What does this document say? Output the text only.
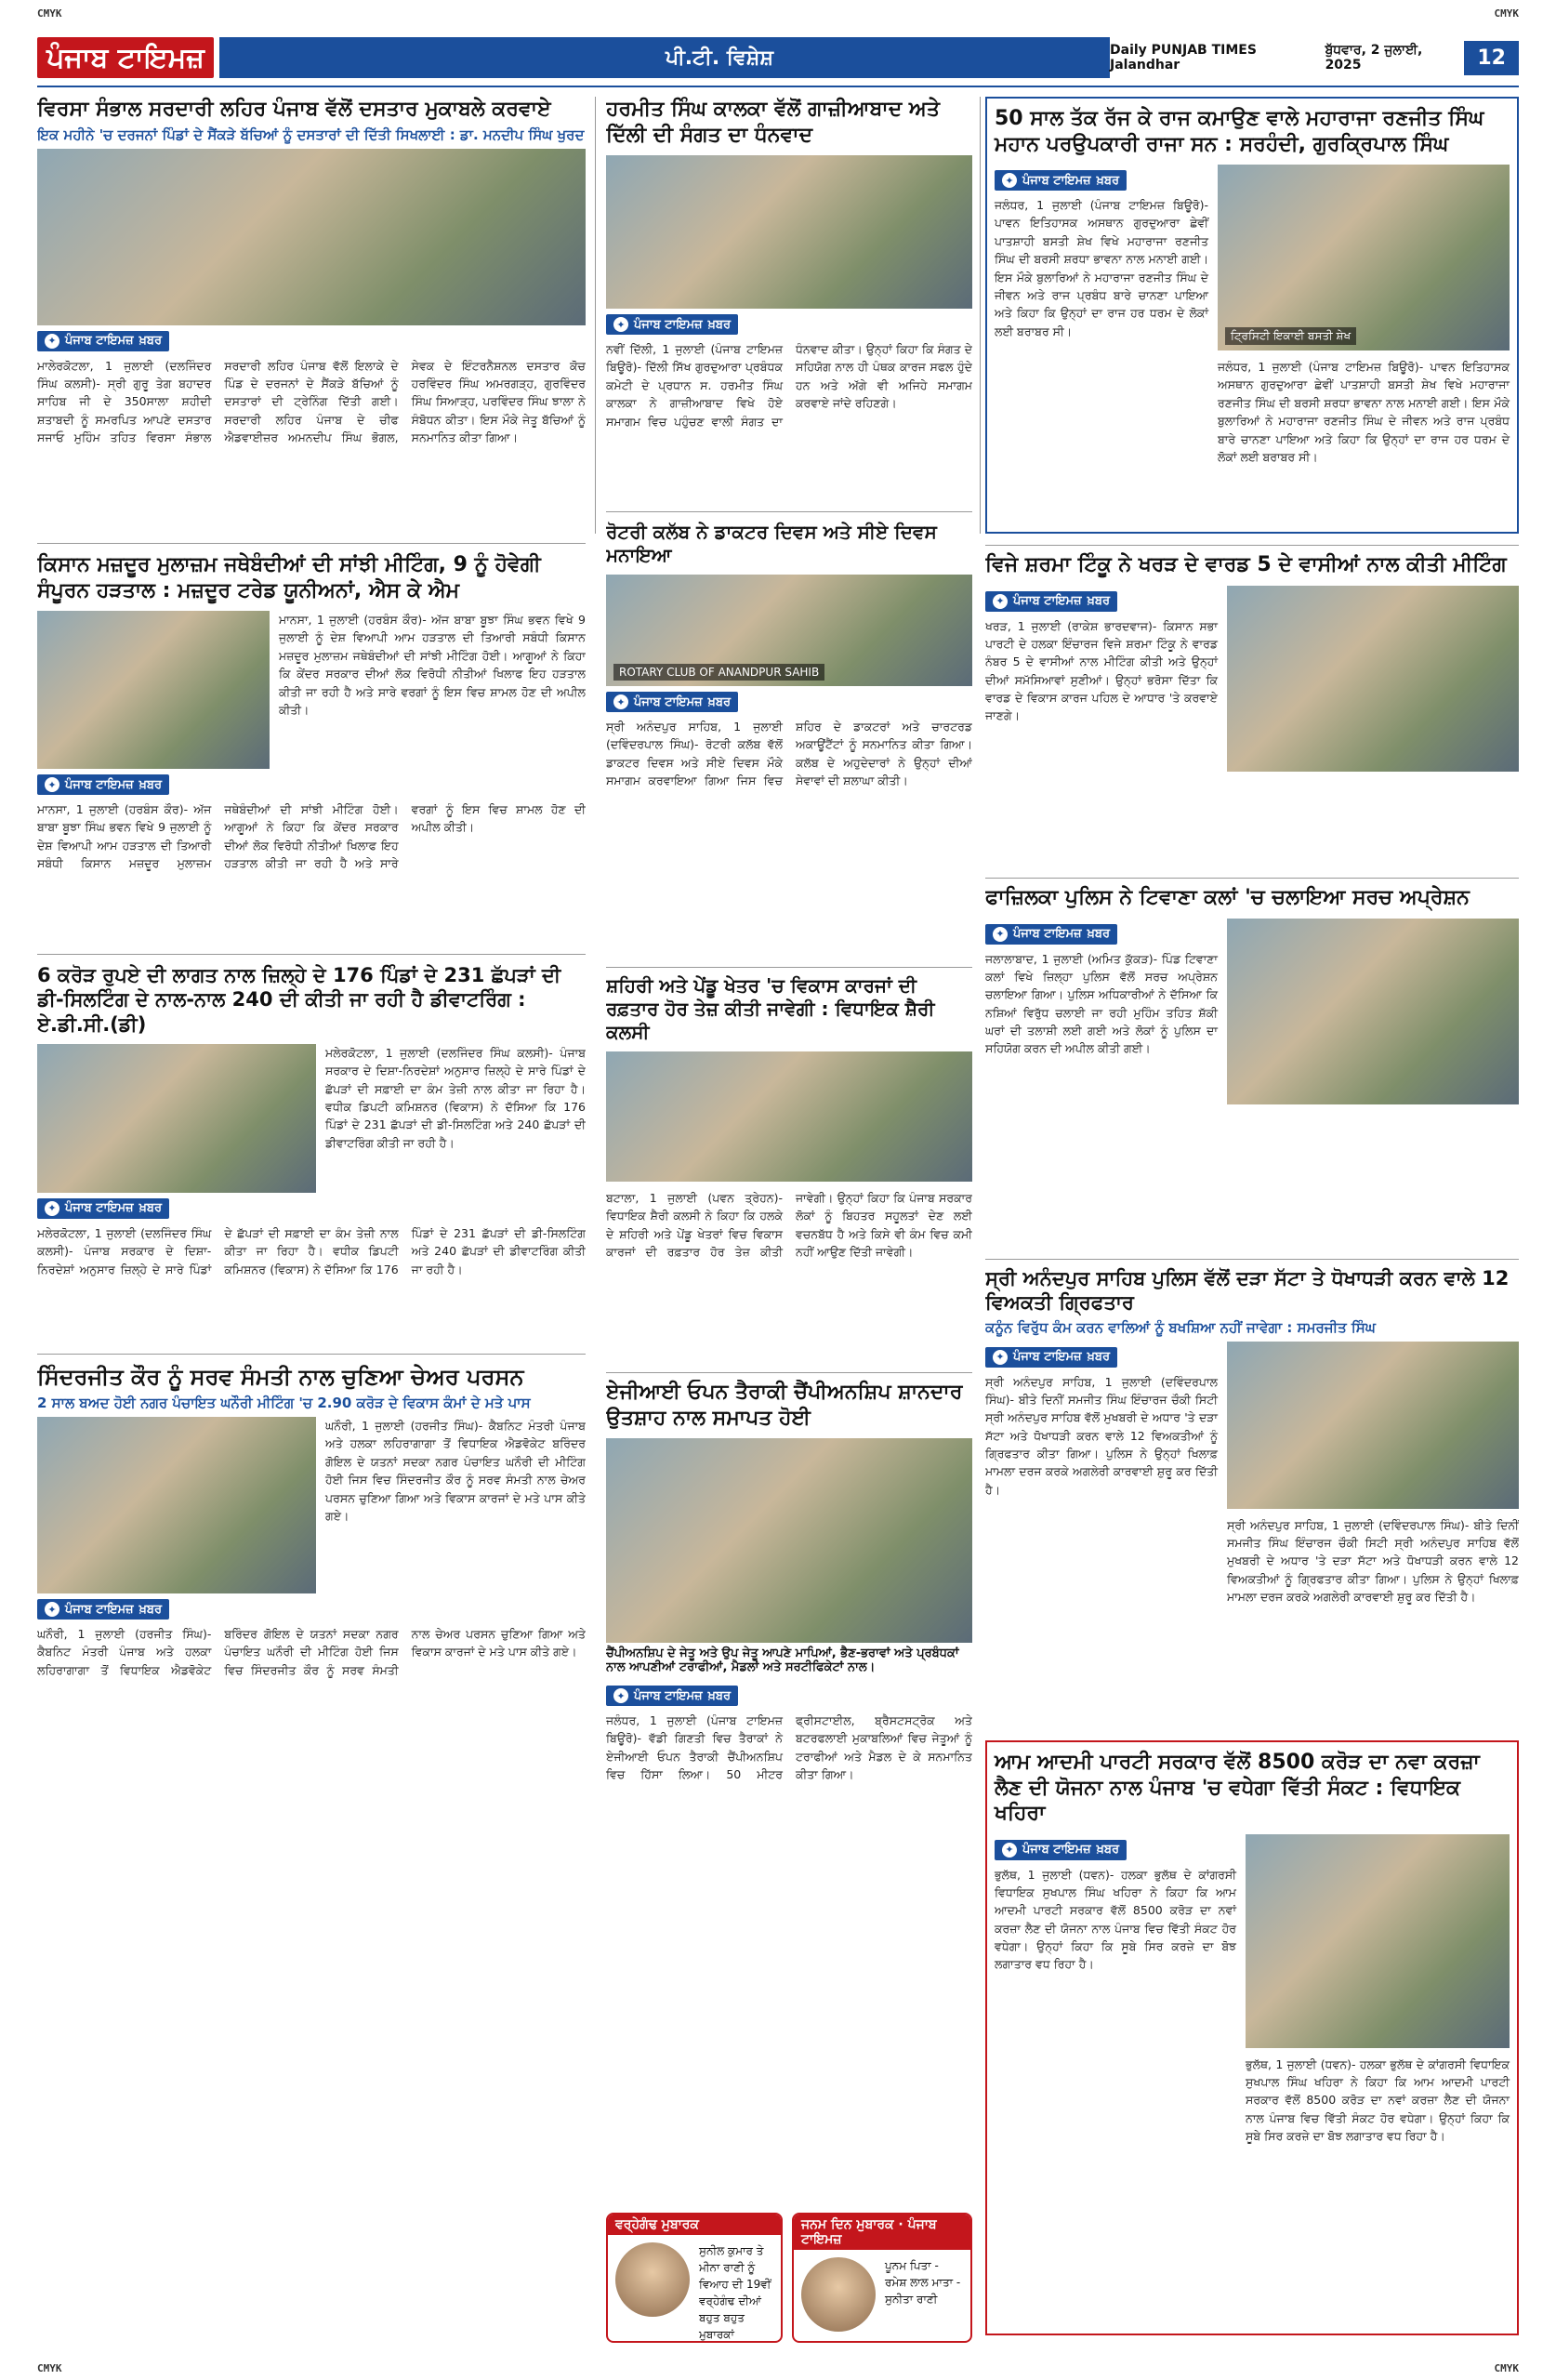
CMYK	CMYK
ਪੰਜਾਬ ਟਾਇਮਜ਼	ਪੀ.ਟੀ. ਵਿਸ਼ੇਸ਼	Daily PUNJAB TIMES Jalandhar
ਬੁੱਧਵਾਰ, 2 ਜੁਲਾਈ, 2025	12
ਵਿਰਸਾ ਸੰਭਾਲ ਸਰਦਾਰੀ ਲਹਿਰ ਪੰਜਾਬ ਵੱਲੋਂ ਦਸਤਾਰ ਮੁਕਾਬਲੇ ਕਰਵਾਏ
ਇਕ ਮਹੀਨੇ 'ਚ ਦਰਜਨਾਂ ਪਿੰਡਾਂ ਦੇ ਸੈਂਕੜੇ ਬੱਚਿਆਂ ਨੂੰ ਦਸਤਾਰਾਂ ਦੀ ਦਿੱਤੀ ਸਿਖਲਾਈ : ਡਾ. ਮਨਦੀਪ ਸਿੰਘ ਖੁਰਦ
✦ ਪੰਜਾਬ ਟਾਇਮਜ਼ ਖ਼ਬਰ
ਮਾਲੇਰਕੋਟਲਾ, 1 ਜੁਲਾਈ (ਦਲਜਿੰਦਰ ਸਿੰਘ ਕਲਸੀ)- ਸ੍ਰੀ ਗੁਰੂ ਤੇਗ ਬਹਾਦਰ ਸਾਹਿਬ ਜੀ ਦੇ 350ਸਾਲਾ ਸ਼ਹੀਦੀ ਸ਼ਤਾਬਦੀ ਨੂੰ ਸਮਰਪਿਤ ਆਪਣੇ ਦਸਤਾਰ ਸਜਾਓ ਮੁਹਿੰਮ ਤਹਿਤ ਵਿਰਸਾ ਸੰਭਾਲ ਸਰਦਾਰੀ ਲਹਿਰ ਪੰਜਾਬ ਵੱਲੋਂ ਇਲਾਕੇ ਦੇ ਪਿੰਡ ਦੇ ਦਰਜਨਾਂ ਦੇ ਸੈਂਕੜੇ ਬੱਚਿਆਂ ਨੂੰ ਦਸਤਾਰਾਂ ਦੀ ਟ੍ਰੇਨਿੰਗ ਦਿੱਤੀ ਗਈ। ਸਰਦਾਰੀ ਲਹਿਰ ਪੰਜਾਬ ਦੇ ਚੀਫ ਐਡਵਾਈਜ਼ਰ ਅਮਨਦੀਪ ਸਿੰਘ ਭੋਗਲ, ਸੇਵਕ ਦੇ ਇੰਟਰਨੈਸ਼ਨਲ ਦਸਤਾਰ ਕੋਚ ਹਰਵਿੰਦਰ ਸਿੰਘ ਅਮਰਗੜ੍ਹ, ਗੁਰਵਿੰਦਰ ਸਿੰਘ ਸਿਆੜ੍ਹ, ਪਰਵਿੰਦਰ ਸਿੰਘ ਝਾਲਾ ਨੇ ਸੰਬੋਧਨ ਕੀਤਾ। ਇਸ ਮੌਕੇ ਜੇਤੂ ਬੱਚਿਆਂ ਨੂੰ ਸਨਮਾਨਿਤ ਕੀਤਾ ਗਿਆ।
ਹਰਮੀਤ ਸਿੰਘ ਕਾਲਕਾ ਵੱਲੋਂ ਗਾਜ਼ੀਆਬਾਦ ਅਤੇ ਦਿੱਲੀ ਦੀ ਸੰਗਤ ਦਾ ਧੰਨਵਾਦ
✦ ਪੰਜਾਬ ਟਾਇਮਜ਼ ਖ਼ਬਰ
ਨਵੀਂ ਦਿੱਲੀ, 1 ਜੁਲਾਈ (ਪੰਜਾਬ ਟਾਇਮਜ਼ ਬਿਊਰੋ)- ਦਿੱਲੀ ਸਿੱਖ ਗੁਰਦੁਆਰਾ ਪ੍ਰਬੰਧਕ ਕਮੇਟੀ ਦੇ ਪ੍ਰਧਾਨ ਸ. ਹਰਮੀਤ ਸਿੰਘ ਕਾਲਕਾ ਨੇ ਗਾਜ਼ੀਆਬਾਦ ਵਿਖੇ ਹੋਏ ਸਮਾਗਮ ਵਿਚ ਪਹੁੰਚਣ ਵਾਲੀ ਸੰਗਤ ਦਾ ਧੰਨਵਾਦ ਕੀਤਾ। ਉਨ੍ਹਾਂ ਕਿਹਾ ਕਿ ਸੰਗਤ ਦੇ ਸਹਿਯੋਗ ਨਾਲ ਹੀ ਪੰਥਕ ਕਾਰਜ ਸਫਲ ਹੁੰਦੇ ਹਨ ਅਤੇ ਅੱਗੇ ਵੀ ਅਜਿਹੇ ਸਮਾਗਮ ਕਰਵਾਏ ਜਾਂਦੇ ਰਹਿਣਗੇ।
50 ਸਾਲ ਤੱਕ ਰੱਜ ਕੇ ਰਾਜ ਕਮਾਉਣ ਵਾਲੇ ਮਹਾਰਾਜਾ ਰਣਜੀਤ ਸਿੰਘ ਮਹਾਨ ਪਰਉਪਕਾਰੀ ਰਾਜਾ ਸਨ : ਸਰਹੰਦੀ, ਗੁਰਕ੍ਰਿਪਾਲ ਸਿੰਘ
✦ ਪੰਜਾਬ ਟਾਇਮਜ਼ ਖ਼ਬਰ
ਜਲੰਧਰ, 1 ਜੁਲਾਈ (ਪੰਜਾਬ ਟਾਇਮਜ਼ ਬਿਊਰੋ)- ਪਾਵਨ ਇਤਿਹਾਸਕ ਅਸਥਾਨ ਗੁਰਦੁਆਰਾ ਛੇਵੀਂ ਪਾਤਸ਼ਾਹੀ ਬਸਤੀ ਸ਼ੇਖ ਵਿਖੇ ਮਹਾਰਾਜਾ ਰਣਜੀਤ ਸਿੰਘ ਦੀ ਬਰਸੀ ਸ਼ਰਧਾ ਭਾਵਨਾ ਨਾਲ ਮਨਾਈ ਗਈ। ਇਸ ਮੌਕੇ ਬੁਲਾਰਿਆਂ ਨੇ ਮਹਾਰਾਜਾ ਰਣਜੀਤ ਸਿੰਘ ਦੇ ਜੀਵਨ ਅਤੇ ਰਾਜ ਪ੍ਰਬੰਧ ਬਾਰੇ ਚਾਨਣਾ ਪਾਇਆ ਅਤੇ ਕਿਹਾ ਕਿ ਉਨ੍ਹਾਂ ਦਾ ਰਾਜ ਹਰ ਧਰਮ ਦੇ ਲੋਕਾਂ ਲਈ ਬਰਾਬਰ ਸੀ।	ਟ੍ਰਿਸਿਟੀ ਇਕਾਈ ਬਸਤੀ ਸ਼ੇਖ
ਜਲੰਧਰ, 1 ਜੁਲਾਈ (ਪੰਜਾਬ ਟਾਇਮਜ਼ ਬਿਊਰੋ)- ਪਾਵਨ ਇਤਿਹਾਸਕ ਅਸਥਾਨ ਗੁਰਦੁਆਰਾ ਛੇਵੀਂ ਪਾਤਸ਼ਾਹੀ ਬਸਤੀ ਸ਼ੇਖ ਵਿਖੇ ਮਹਾਰਾਜਾ ਰਣਜੀਤ ਸਿੰਘ ਦੀ ਬਰਸੀ ਸ਼ਰਧਾ ਭਾਵਨਾ ਨਾਲ ਮਨਾਈ ਗਈ। ਇਸ ਮੌਕੇ ਬੁਲਾਰਿਆਂ ਨੇ ਮਹਾਰਾਜਾ ਰਣਜੀਤ ਸਿੰਘ ਦੇ ਜੀਵਨ ਅਤੇ ਰਾਜ ਪ੍ਰਬੰਧ ਬਾਰੇ ਚਾਨਣਾ ਪਾਇਆ ਅਤੇ ਕਿਹਾ ਕਿ ਉਨ੍ਹਾਂ ਦਾ ਰਾਜ ਹਰ ਧਰਮ ਦੇ ਲੋਕਾਂ ਲਈ ਬਰਾਬਰ ਸੀ।
ਰੋਟਰੀ ਕਲੱਬ ਨੇ ਡਾਕਟਰ ਦਿਵਸ ਅਤੇ ਸੀਏ ਦਿਵਸ ਮਨਾਇਆ
ROTARY CLUB OF ANANDPUR SAHIB
✦ ਪੰਜਾਬ ਟਾਇਮਜ਼ ਖ਼ਬਰ
ਸ੍ਰੀ ਅਨੰਦਪੁਰ ਸਾਹਿਬ, 1 ਜੁਲਾਈ (ਦਵਿੰਦਰਪਾਲ ਸਿੰਘ)- ਰੋਟਰੀ ਕਲੱਬ ਵੱਲੋਂ ਡਾਕਟਰ ਦਿਵਸ ਅਤੇ ਸੀਏ ਦਿਵਸ ਮੌਕੇ ਸਮਾਗਮ ਕਰਵਾਇਆ ਗਿਆ ਜਿਸ ਵਿਚ ਸ਼ਹਿਰ ਦੇ ਡਾਕਟਰਾਂ ਅਤੇ ਚਾਰਟਰਡ ਅਕਾਊਂਟੈਂਟਾਂ ਨੂੰ ਸਨਮਾਨਿਤ ਕੀਤਾ ਗਿਆ। ਕਲੱਬ ਦੇ ਅਹੁਦੇਦਾਰਾਂ ਨੇ ਉਨ੍ਹਾਂ ਦੀਆਂ ਸੇਵਾਵਾਂ ਦੀ ਸ਼ਲਾਘਾ ਕੀਤੀ।
ਵਿਜੇ ਸ਼ਰਮਾ ਟਿੰਕੂ ਨੇ ਖਰੜ ਦੇ ਵਾਰਡ 5 ਦੇ ਵਾਸੀਆਂ ਨਾਲ ਕੀਤੀ ਮੀਟਿੰਗ
✦ ਪੰਜਾਬ ਟਾਇਮਜ਼ ਖ਼ਬਰ
ਖਰੜ, 1 ਜੁਲਾਈ (ਰਾਕੇਸ਼ ਭਾਰਦਵਾਜ)- ਕਿਸਾਨ ਸਭਾ ਪਾਰਟੀ ਦੇ ਹਲਕਾ ਇੰਚਾਰਜ ਵਿਜੇ ਸ਼ਰਮਾ ਟਿੰਕੂ ਨੇ ਵਾਰਡ ਨੰਬਰ 5 ਦੇ ਵਾਸੀਆਂ ਨਾਲ ਮੀਟਿੰਗ ਕੀਤੀ ਅਤੇ ਉਨ੍ਹਾਂ ਦੀਆਂ ਸਮੱਸਿਆਵਾਂ ਸੁਣੀਆਂ। ਉਨ੍ਹਾਂ ਭਰੋਸਾ ਦਿੱਤਾ ਕਿ ਵਾਰਡ ਦੇ ਵਿਕਾਸ ਕਾਰਜ ਪਹਿਲ ਦੇ ਆਧਾਰ 'ਤੇ ਕਰਵਾਏ ਜਾਣਗੇ।
ਕਿਸਾਨ ਮਜ਼ਦੂਰ ਮੁਲਾਜ਼ਮ ਜਥੇਬੰਦੀਆਂ ਦੀ ਸਾਂਝੀ ਮੀਟਿੰਗ, 9 ਨੂੰ ਹੋਵੇਗੀ ਸੰਪੂਰਨ ਹੜਤਾਲ : ਮਜ਼ਦੂਰ ਟਰੇਡ ਯੂਨੀਅਨਾਂ, ਐਸ ਕੇ ਐਮ
ਮਾਨਸਾ, 1 ਜੁਲਾਈ (ਹਰਬੰਸ ਕੌਰ)- ਅੱਜ ਬਾਬਾ ਬੂਝਾ ਸਿੰਘ ਭਵਨ ਵਿਖੇ 9 ਜੁਲਾਈ ਨੂੰ ਦੇਸ਼ ਵਿਆਪੀ ਆਮ ਹੜਤਾਲ ਦੀ ਤਿਆਰੀ ਸਬੰਧੀ ਕਿਸਾਨ ਮਜ਼ਦੂਰ ਮੁਲਾਜ਼ਮ ਜਥੇਬੰਦੀਆਂ ਦੀ ਸਾਂਝੀ ਮੀਟਿੰਗ ਹੋਈ। ਆਗੂਆਂ ਨੇ ਕਿਹਾ ਕਿ ਕੇਂਦਰ ਸਰਕਾਰ ਦੀਆਂ ਲੋਕ ਵਿਰੋਧੀ ਨੀਤੀਆਂ ਖਿਲਾਫ ਇਹ ਹੜਤਾਲ ਕੀਤੀ ਜਾ ਰਹੀ ਹੈ ਅਤੇ ਸਾਰੇ ਵਰਗਾਂ ਨੂੰ ਇਸ ਵਿਚ ਸ਼ਾਮਲ ਹੋਣ ਦੀ ਅਪੀਲ ਕੀਤੀ।
✦ ਪੰਜਾਬ ਟਾਇਮਜ਼ ਖ਼ਬਰ
ਮਾਨਸਾ, 1 ਜੁਲਾਈ (ਹਰਬੰਸ ਕੌਰ)- ਅੱਜ ਬਾਬਾ ਬੂਝਾ ਸਿੰਘ ਭਵਨ ਵਿਖੇ 9 ਜੁਲਾਈ ਨੂੰ ਦੇਸ਼ ਵਿਆਪੀ ਆਮ ਹੜਤਾਲ ਦੀ ਤਿਆਰੀ ਸਬੰਧੀ ਕਿਸਾਨ ਮਜ਼ਦੂਰ ਮੁਲਾਜ਼ਮ ਜਥੇਬੰਦੀਆਂ ਦੀ ਸਾਂਝੀ ਮੀਟਿੰਗ ਹੋਈ। ਆਗੂਆਂ ਨੇ ਕਿਹਾ ਕਿ ਕੇਂਦਰ ਸਰਕਾਰ ਦੀਆਂ ਲੋਕ ਵਿਰੋਧੀ ਨੀਤੀਆਂ ਖਿਲਾਫ ਇਹ ਹੜਤਾਲ ਕੀਤੀ ਜਾ ਰਹੀ ਹੈ ਅਤੇ ਸਾਰੇ ਵਰਗਾਂ ਨੂੰ ਇਸ ਵਿਚ ਸ਼ਾਮਲ ਹੋਣ ਦੀ ਅਪੀਲ ਕੀਤੀ।
ਸ਼ਹਿਰੀ ਅਤੇ ਪੇਂਡੂ ਖੇਤਰ 'ਚ ਵਿਕਾਸ ਕਾਰਜਾਂ ਦੀ ਰਫ਼ਤਾਰ ਹੋਰ ਤੇਜ਼ ਕੀਤੀ ਜਾਵੇਗੀ : ਵਿਧਾਇਕ ਸ਼ੈਰੀ ਕਲਸੀ
ਬਟਾਲਾ, 1 ਜੁਲਾਈ (ਪਵਨ ਤ੍ਰੇਹਨ)- ਵਿਧਾਇਕ ਸ਼ੈਰੀ ਕਲਸੀ ਨੇ ਕਿਹਾ ਕਿ ਹਲਕੇ ਦੇ ਸ਼ਹਿਰੀ ਅਤੇ ਪੇਂਡੂ ਖੇਤਰਾਂ ਵਿਚ ਵਿਕਾਸ ਕਾਰਜਾਂ ਦੀ ਰਫ਼ਤਾਰ ਹੋਰ ਤੇਜ਼ ਕੀਤੀ ਜਾਵੇਗੀ। ਉਨ੍ਹਾਂ ਕਿਹਾ ਕਿ ਪੰਜਾਬ ਸਰਕਾਰ ਲੋਕਾਂ ਨੂੰ ਬਿਹਤਰ ਸਹੂਲਤਾਂ ਦੇਣ ਲਈ ਵਚਨਬੱਧ ਹੈ ਅਤੇ ਕਿਸੇ ਵੀ ਕੰਮ ਵਿਚ ਕਮੀ ਨਹੀਂ ਆਉਣ ਦਿੱਤੀ ਜਾਵੇਗੀ।
ਫਾਜ਼ਿਲਕਾ ਪੁਲਿਸ ਨੇ ਟਿਵਾਣਾ ਕਲਾਂ 'ਚ ਚਲਾਇਆ ਸਰਚ ਅਪ੍ਰੇਸ਼ਨ
✦ ਪੰਜਾਬ ਟਾਇਮਜ਼ ਖ਼ਬਰ
ਜਲਾਲਾਬਾਦ, 1 ਜੁਲਾਈ (ਅਮਿਤ ਕੁੱਕੜ)- ਪਿੰਡ ਟਿਵਾਣਾ ਕਲਾਂ ਵਿਖੇ ਜ਼ਿਲ੍ਹਾ ਪੁਲਿਸ ਵੱਲੋਂ ਸਰਚ ਅਪ੍ਰੇਸ਼ਨ ਚਲਾਇਆ ਗਿਆ। ਪੁਲਿਸ ਅਧਿਕਾਰੀਆਂ ਨੇ ਦੱਸਿਆ ਕਿ ਨਸ਼ਿਆਂ ਵਿਰੁੱਧ ਚਲਾਈ ਜਾ ਰਹੀ ਮੁਹਿੰਮ ਤਹਿਤ ਸ਼ੱਕੀ ਘਰਾਂ ਦੀ ਤਲਾਸ਼ੀ ਲਈ ਗਈ ਅਤੇ ਲੋਕਾਂ ਨੂੰ ਪੁਲਿਸ ਦਾ ਸਹਿਯੋਗ ਕਰਨ ਦੀ ਅਪੀਲ ਕੀਤੀ ਗਈ।
6 ਕਰੋੜ ਰੁਪਏ ਦੀ ਲਾਗਤ ਨਾਲ ਜ਼ਿਲ੍ਹੇ ਦੇ 176 ਪਿੰਡਾਂ ਦੇ 231 ਛੱਪੜਾਂ ਦੀ ਡੀ-ਸਿਲਟਿੰਗ ਦੇ ਨਾਲ-ਨਾਲ 240 ਦੀ ਕੀਤੀ ਜਾ ਰਹੀ ਹੈ ਡੀਵਾਟਰਿੰਗ : ਏ.ਡੀ.ਸੀ.(ਡੀ)
ਮਲੇਰਕੋਟਲਾ, 1 ਜੁਲਾਈ (ਦਲਜਿੰਦਰ ਸਿੰਘ ਕਲਸੀ)- ਪੰਜਾਬ ਸਰਕਾਰ ਦੇ ਦਿਸ਼ਾ-ਨਿਰਦੇਸ਼ਾਂ ਅਨੁਸਾਰ ਜ਼ਿਲ੍ਹੇ ਦੇ ਸਾਰੇ ਪਿੰਡਾਂ ਦੇ ਛੱਪੜਾਂ ਦੀ ਸਫ਼ਾਈ ਦਾ ਕੰਮ ਤੇਜ਼ੀ ਨਾਲ ਕੀਤਾ ਜਾ ਰਿਹਾ ਹੈ। ਵਧੀਕ ਡਿਪਟੀ ਕਮਿਸ਼ਨਰ (ਵਿਕਾਸ) ਨੇ ਦੱਸਿਆ ਕਿ 176 ਪਿੰਡਾਂ ਦੇ 231 ਛੱਪੜਾਂ ਦੀ ਡੀ-ਸਿਲਟਿੰਗ ਅਤੇ 240 ਛੱਪੜਾਂ ਦੀ ਡੀਵਾਟਰਿੰਗ ਕੀਤੀ ਜਾ ਰਹੀ ਹੈ।
✦ ਪੰਜਾਬ ਟਾਇਮਜ਼ ਖ਼ਬਰ
ਮਲੇਰਕੋਟਲਾ, 1 ਜੁਲਾਈ (ਦਲਜਿੰਦਰ ਸਿੰਘ ਕਲਸੀ)- ਪੰਜਾਬ ਸਰਕਾਰ ਦੇ ਦਿਸ਼ਾ-ਨਿਰਦੇਸ਼ਾਂ ਅਨੁਸਾਰ ਜ਼ਿਲ੍ਹੇ ਦੇ ਸਾਰੇ ਪਿੰਡਾਂ ਦੇ ਛੱਪੜਾਂ ਦੀ ਸਫ਼ਾਈ ਦਾ ਕੰਮ ਤੇਜ਼ੀ ਨਾਲ ਕੀਤਾ ਜਾ ਰਿਹਾ ਹੈ। ਵਧੀਕ ਡਿਪਟੀ ਕਮਿਸ਼ਨਰ (ਵਿਕਾਸ) ਨੇ ਦੱਸਿਆ ਕਿ 176 ਪਿੰਡਾਂ ਦੇ 231 ਛੱਪੜਾਂ ਦੀ ਡੀ-ਸਿਲਟਿੰਗ ਅਤੇ 240 ਛੱਪੜਾਂ ਦੀ ਡੀਵਾਟਰਿੰਗ ਕੀਤੀ ਜਾ ਰਹੀ ਹੈ।	ਸ੍ਰੀ ਅਨੰਦਪੁਰ ਸਾਹਿਬ ਪੁਲਿਸ ਵੱਲੋਂ ਦੜਾ ਸੱਟਾ ਤੇ ਧੋਖਾਧੜੀ ਕਰਨ ਵਾਲੇ 12 ਵਿਅਕਤੀ ਗ੍ਰਿਫਤਾਰ
ਕਨੂੰਨ ਵਿਰੁੱਧ ਕੰਮ ਕਰਨ ਵਾਲਿਆਂ ਨੂੰ ਬਖਸ਼ਿਆ ਨਹੀਂ ਜਾਵੇਗਾ : ਸਮਰਜੀਤ ਸਿੰਘ
✦ ਪੰਜਾਬ ਟਾਇਮਜ਼ ਖ਼ਬਰ
ਸ੍ਰੀ ਅਨੰਦਪੁਰ ਸਾਹਿਬ, 1 ਜੁਲਾਈ (ਦਵਿੰਦਰਪਾਲ ਸਿੰਘ)- ਬੀਤੇ ਦਿਨੀਂ ਸਮਜੀਤ ਸਿੰਘ ਇੰਚਾਰਜ ਚੌਕੀ ਸਿਟੀ ਸ੍ਰੀ ਅਨੰਦਪੁਰ ਸਾਹਿਬ ਵੱਲੋਂ ਮੁਖਬਰੀ ਦੇ ਅਧਾਰ 'ਤੇ ਦੜਾ ਸੱਟਾ ਅਤੇ ਧੋਖਾਧੜੀ ਕਰਨ ਵਾਲੇ 12 ਵਿਅਕਤੀਆਂ ਨੂੰ ਗ੍ਰਿਫਤਾਰ ਕੀਤਾ ਗਿਆ। ਪੁਲਿਸ ਨੇ ਉਨ੍ਹਾਂ ਖਿਲਾਫ਼ ਮਾਮਲਾ ਦਰਜ ਕਰਕੇ ਅਗਲੇਰੀ ਕਾਰਵਾਈ ਸ਼ੁਰੂ ਕਰ ਦਿੱਤੀ ਹੈ।
ਸ੍ਰੀ ਅਨੰਦਪੁਰ ਸਾਹਿਬ, 1 ਜੁਲਾਈ (ਦਵਿੰਦਰਪਾਲ ਸਿੰਘ)- ਬੀਤੇ ਦਿਨੀਂ ਸਮਜੀਤ ਸਿੰਘ ਇੰਚਾਰਜ ਚੌਕੀ ਸਿਟੀ ਸ੍ਰੀ ਅਨੰਦਪੁਰ ਸਾਹਿਬ ਵੱਲੋਂ ਮੁਖਬਰੀ ਦੇ ਅਧਾਰ 'ਤੇ ਦੜਾ ਸੱਟਾ ਅਤੇ ਧੋਖਾਧੜੀ ਕਰਨ ਵਾਲੇ 12 ਵਿਅਕਤੀਆਂ ਨੂੰ ਗ੍ਰਿਫਤਾਰ ਕੀਤਾ ਗਿਆ। ਪੁਲਿਸ ਨੇ ਉਨ੍ਹਾਂ ਖਿਲਾਫ਼ ਮਾਮਲਾ ਦਰਜ ਕਰਕੇ ਅਗਲੇਰੀ ਕਾਰਵਾਈ ਸ਼ੁਰੂ ਕਰ ਦਿੱਤੀ ਹੈ।
ਏਜੀਆਈ ਓਪਨ ਤੈਰਾਕੀ ਚੈਂਪੀਅਨਸ਼ਿਪ ਸ਼ਾਨਦਾਰ ਉਤਸ਼ਾਹ ਨਾਲ ਸਮਾਪਤ ਹੋਈ
ਚੈਂਪੀਅਨਸ਼ਿਪ ਦੇ ਜੇਤੂ ਅਤੇ ਉਪ ਜੇਤੂ ਆਪਣੇ ਮਾਪਿਆਂ, ਭੈਣ-ਭਰਾਵਾਂ ਅਤੇ ਪ੍ਰਬੰਧਕਾਂ ਨਾਲ ਆਪਣੀਆਂ ਟਰਾਫੀਆਂ, ਮੈਡਲਾਂ ਅਤੇ ਸਰਟੀਫਿਕੇਟਾਂ ਨਾਲ।
✦ ਪੰਜਾਬ ਟਾਇਮਜ਼ ਖ਼ਬਰ
ਜਲੰਧਰ, 1 ਜੁਲਾਈ (ਪੰਜਾਬ ਟਾਇਮਜ਼ ਬਿਊਰੋ)- ਵੱਡੀ ਗਿਣਤੀ ਵਿਚ ਤੈਰਾਕਾਂ ਨੇ ਏਜੀਆਈ ਓਪਨ ਤੈਰਾਕੀ ਚੈਂਪੀਅਨਸ਼ਿਪ ਵਿਚ ਹਿੱਸਾ ਲਿਆ। 50 ਮੀਟਰ ਫ੍ਰੀਸਟਾਈਲ, ਬ੍ਰੈਸਟਸਟ੍ਰੋਕ ਅਤੇ ਬਟਰਫਲਾਈ ਮੁਕਾਬਲਿਆਂ ਵਿਚ ਜੇਤੂਆਂ ਨੂੰ ਟਰਾਫੀਆਂ ਅਤੇ ਮੈਡਲ ਦੇ ਕੇ ਸਨਮਾਨਿਤ ਕੀਤਾ ਗਿਆ।
ਸਿੰਦਰਜੀਤ ਕੌਰ ਨੂੰ ਸਰਵ ਸੰਮਤੀ ਨਾਲ ਚੁਣਿਆ ਚੇਅਰ ਪਰਸਨ
2 ਸਾਲ ਬਅਦ ਹੋਈ ਨਗਰ ਪੰਚਾਇਤ ਘਨੌਰੀ ਮੀਟਿੰਗ 'ਚ 2.90 ਕਰੋੜ ਦੇ ਵਿਕਾਸ ਕੰਮਾਂ ਦੇ ਮਤੇ ਪਾਸ
ਘਨੌਰੀ, 1 ਜੁਲਾਈ (ਹਰਜੀਤ ਸਿੰਘ)- ਕੈਬਨਿਟ ਮੰਤਰੀ ਪੰਜਾਬ ਅਤੇ ਹਲਕਾ ਲਹਿਰਾਗਾਗਾ ਤੋਂ ਵਿਧਾਇਕ ਐਡਵੋਕੇਟ ਬਰਿੰਦਰ ਗੋਇਲ ਦੇ ਯਤਨਾਂ ਸਦਕਾ ਨਗਰ ਪੰਚਾਇਤ ਘਨੌਰੀ ਦੀ ਮੀਟਿੰਗ ਹੋਈ ਜਿਸ ਵਿਚ ਸਿੰਦਰਜੀਤ ਕੌਰ ਨੂੰ ਸਰਵ ਸੰਮਤੀ ਨਾਲ ਚੇਅਰ ਪਰਸਨ ਚੁਣਿਆ ਗਿਆ ਅਤੇ ਵਿਕਾਸ ਕਾਰਜਾਂ ਦੇ ਮਤੇ ਪਾਸ ਕੀਤੇ ਗਏ।
✦ ਪੰਜਾਬ ਟਾਇਮਜ਼ ਖ਼ਬਰ
ਘਨੌਰੀ, 1 ਜੁਲਾਈ (ਹਰਜੀਤ ਸਿੰਘ)- ਕੈਬਨਿਟ ਮੰਤਰੀ ਪੰਜਾਬ ਅਤੇ ਹਲਕਾ ਲਹਿਰਾਗਾਗਾ ਤੋਂ ਵਿਧਾਇਕ ਐਡਵੋਕੇਟ ਬਰਿੰਦਰ ਗੋਇਲ ਦੇ ਯਤਨਾਂ ਸਦਕਾ ਨਗਰ ਪੰਚਾਇਤ ਘਨੌਰੀ ਦੀ ਮੀਟਿੰਗ ਹੋਈ ਜਿਸ ਵਿਚ ਸਿੰਦਰਜੀਤ ਕੌਰ ਨੂੰ ਸਰਵ ਸੰਮਤੀ ਨਾਲ ਚੇਅਰ ਪਰਸਨ ਚੁਣਿਆ ਗਿਆ ਅਤੇ ਵਿਕਾਸ ਕਾਰਜਾਂ ਦੇ ਮਤੇ ਪਾਸ ਕੀਤੇ ਗਏ।
ਆਮ ਆਦਮੀ ਪਾਰਟੀ ਸਰਕਾਰ ਵੱਲੋਂ 8500 ਕਰੋੜ ਦਾ ਨਵਾ ਕਰਜ਼ਾ ਲੈਣ ਦੀ ਯੋਜਨਾ ਨਾਲ ਪੰਜਾਬ 'ਚ ਵਧੇਗਾ ਵਿੱਤੀ ਸੰਕਟ : ਵਿਧਾਇਕ ਖਹਿਰਾ
✦ ਪੰਜਾਬ ਟਾਇਮਜ਼ ਖ਼ਬਰ
ਭੁਲੱਥ, 1 ਜੁਲਾਈ (ਧਵਨ)- ਹਲਕਾ ਭੁਲੱਥ ਦੇ ਕਾਂਗਰਸੀ ਵਿਧਾਇਕ ਸੁਖਪਾਲ ਸਿੰਘ ਖਹਿਰਾ ਨੇ ਕਿਹਾ ਕਿ ਆਮ ਆਦਮੀ ਪਾਰਟੀ ਸਰਕਾਰ ਵੱਲੋਂ 8500 ਕਰੋੜ ਦਾ ਨਵਾਂ ਕਰਜ਼ਾ ਲੈਣ ਦੀ ਯੋਜਨਾ ਨਾਲ ਪੰਜਾਬ ਵਿਚ ਵਿੱਤੀ ਸੰਕਟ ਹੋਰ ਵਧੇਗਾ। ਉਨ੍ਹਾਂ ਕਿਹਾ ਕਿ ਸੂਬੇ ਸਿਰ ਕਰਜ਼ੇ ਦਾ ਬੋਝ ਲਗਾਤਾਰ ਵਧ ਰਿਹਾ ਹੈ।
ਭੁਲੱਥ, 1 ਜੁਲਾਈ (ਧਵਨ)- ਹਲਕਾ ਭੁਲੱਥ ਦੇ ਕਾਂਗਰਸੀ ਵਿਧਾਇਕ ਸੁਖਪਾਲ ਸਿੰਘ ਖਹਿਰਾ ਨੇ ਕਿਹਾ ਕਿ ਆਮ ਆਦਮੀ ਪਾਰਟੀ ਸਰਕਾਰ ਵੱਲੋਂ 8500 ਕਰੋੜ ਦਾ ਨਵਾਂ ਕਰਜ਼ਾ ਲੈਣ ਦੀ ਯੋਜਨਾ ਨਾਲ ਪੰਜਾਬ ਵਿਚ ਵਿੱਤੀ ਸੰਕਟ ਹੋਰ ਵਧੇਗਾ। ਉਨ੍ਹਾਂ ਕਿਹਾ ਕਿ ਸੂਬੇ ਸਿਰ ਕਰਜ਼ੇ ਦਾ ਬੋਝ ਲਗਾਤਾਰ ਵਧ ਰਿਹਾ ਹੈ।
ਵਰ੍ਹੇਗੰਢ ਮੁਬਾਰਕ
ਸੁਨੀਲ ਕੁਮਾਰ ਤੇ ਮੀਨਾ ਰਾਣੀ ਨੂੰ ਵਿਆਹ ਦੀ 19ਵੀਂ ਵਰ੍ਹੇਗੰਢ ਦੀਆਂ ਬਹੁਤ ਬਹੁਤ ਮੁਬਾਰਕਾਂ
ਜਨਮ ਦਿਨ ਮੁਬਾਰਕ · ਪੰਜਾਬ ਟਾਇਮਜ਼
ਪੂਨਮ ਪਿਤਾ - ਰਮੇਸ਼ ਲਾਲ ਮਾਤਾ - ਸੁਨੀਤਾ ਰਾਣੀ
CMYK	CMYK
